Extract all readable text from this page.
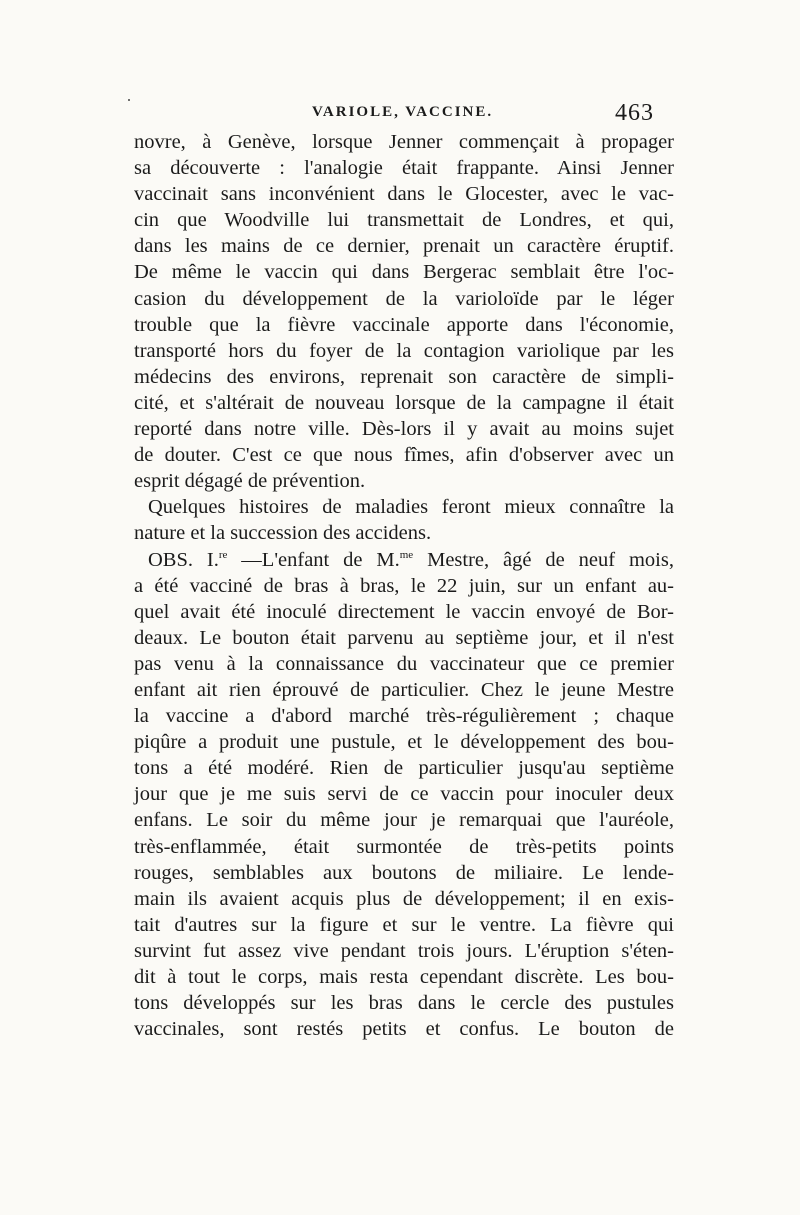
VARIOLE, VACCINE.	463
novre, à Genève, lorsque Jenner commençait à propager
sa découverte : l'analogie était frappante. Ainsi Jenner
vaccinait sans inconvénient dans le Glocester, avec le vac-
cin que Woodville lui transmettait de Londres, et qui,
dans les mains de ce dernier, prenait un caractère éruptif.
De même le vaccin qui dans Bergerac semblait être l'oc-
casion du développement de la varioloïde par le léger
trouble que la fièvre vaccinale apporte dans l'économie,
transporté hors du foyer de la contagion variolique par les
médecins des environs, reprenait son caractère de simpli-
cité, et s'altérait de nouveau lorsque de la campagne il était
reporté dans notre ville. Dès-lors il y avait au moins sujet
de douter. C'est ce que nous fîmes, afin d'observer avec un
esprit dégagé de prévention.
Quelques histoires de maladies feront mieux connaître la
nature et la succession des accidens.
OBS. I.$^{re}$ —L'enfant de M.$^{me}$ Mestre, âgé de neuf mois,
a été vacciné de bras à bras, le 22 juin, sur un enfant au-
quel avait été inoculé directement le vaccin envoyé de Bor-
deaux. Le bouton était parvenu au septième jour, et il n'est
pas venu à la connaissance du vaccinateur que ce premier
enfant ait rien éprouvé de particulier. Chez le jeune Mestre
la vaccine a d'abord marché très-régulièrement ; chaque
piqûre a produit une pustule, et le développement des bou-
tons a été modéré. Rien de particulier jusqu'au septième
jour que je me suis servi de ce vaccin pour inoculer deux
enfans. Le soir du même jour je remarquai que l'auréole,
très-enflammée, était surmontée de très-petits points
rouges, semblables aux boutons de miliaire. Le lende-
main ils avaient acquis plus de développement; il en exis-
tait d'autres sur la figure et sur le ventre. La fièvre qui
survint fut assez vive pendant trois jours. L'éruption s'éten-
dit à tout le corps, mais resta cependant discrète. Les bou-
tons développés sur les bras dans le cercle des pustules
vaccinales, sont restés petits et confus. Le bouton de
